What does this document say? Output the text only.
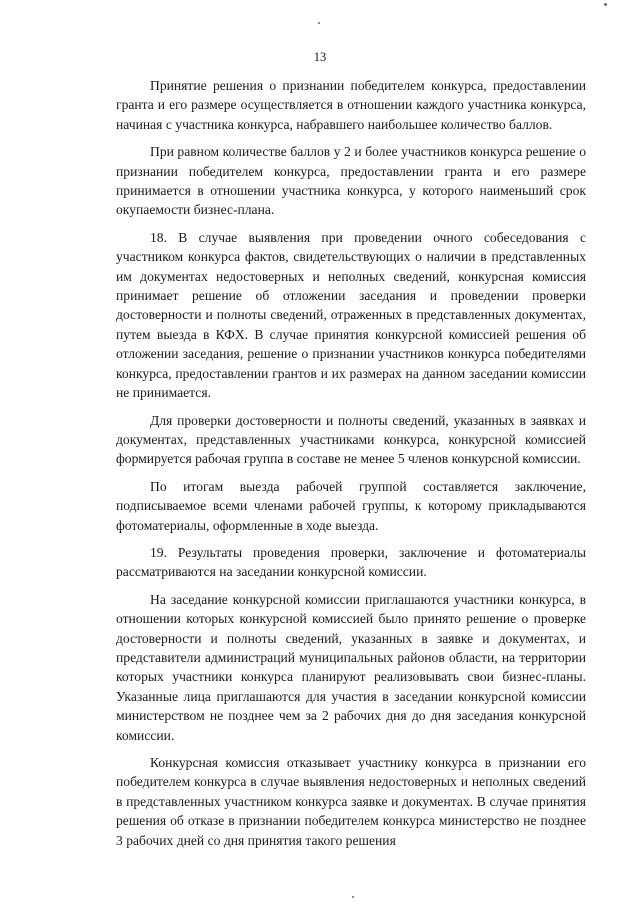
13

Принятие решения о признании победителем конкурса, предоставлении гранта и его размере осуществляется в отношении каждого участника конкурса, начиная с участника конкурса, набравшего наибольшее количество баллов.

При равном количестве баллов у 2 и более участников конкурса решение о признании победителем конкурса, предоставлении гранта и его размере принимается в отношении участника конкурса, у которого наименьший срок окупаемости бизнес-плана.

18. В случае выявления при проведении очного собеседования с участником конкурса фактов, свидетельствующих о наличии в представленных им документах недостоверных и неполных сведений, конкурсная комиссия принимает решение об отложении заседания и проведении проверки достоверности и полноты сведений, отраженных в представленных документах, путем выезда в КФХ. В случае принятия конкурсной комиссией решения об отложении заседания, решение о признании участников конкурса победителями конкурса, предоставлении грантов и их размерах на данном заседании комиссии не принимается.

Для проверки достоверности и полноты сведений, указанных в заявках и документах, представленных участниками конкурса, конкурсной комиссией формируется рабочая группа в составе не менее 5 членов конкурсной комиссии.

По итогам выезда рабочей группой составляется заключение, подписываемое всеми членами рабочей группы, к которому прикладываются фотоматериалы, оформленные в ходе выезда.

19. Результаты проведения проверки, заключение и фотоматериалы рассматриваются на заседании конкурсной комиссии.

На заседание конкурсной комиссии приглашаются участники конкурса, в отношении которых конкурсной комиссией было принято решение о проверке достоверности и полноты сведений, указанных в заявке и документах, и представители администраций муниципальных районов области, на территории которых участники конкурса планируют реализовывать свои бизнес-планы. Указанные лица приглашаются для участия в заседании конкурсной комиссии министерством не позднее чем за 2 рабочих дня до дня заседания конкурсной комиссии.

Конкурсная комиссия отказывает участнику конкурса в признании его победителем конкурса в случае выявления недостоверных и неполных сведений в представленных участником конкурса заявке и документах. В случае принятия решения об отказе в признании победителем конкурса министерство не позднее 3 рабочих дней со дня принятия такого решения
